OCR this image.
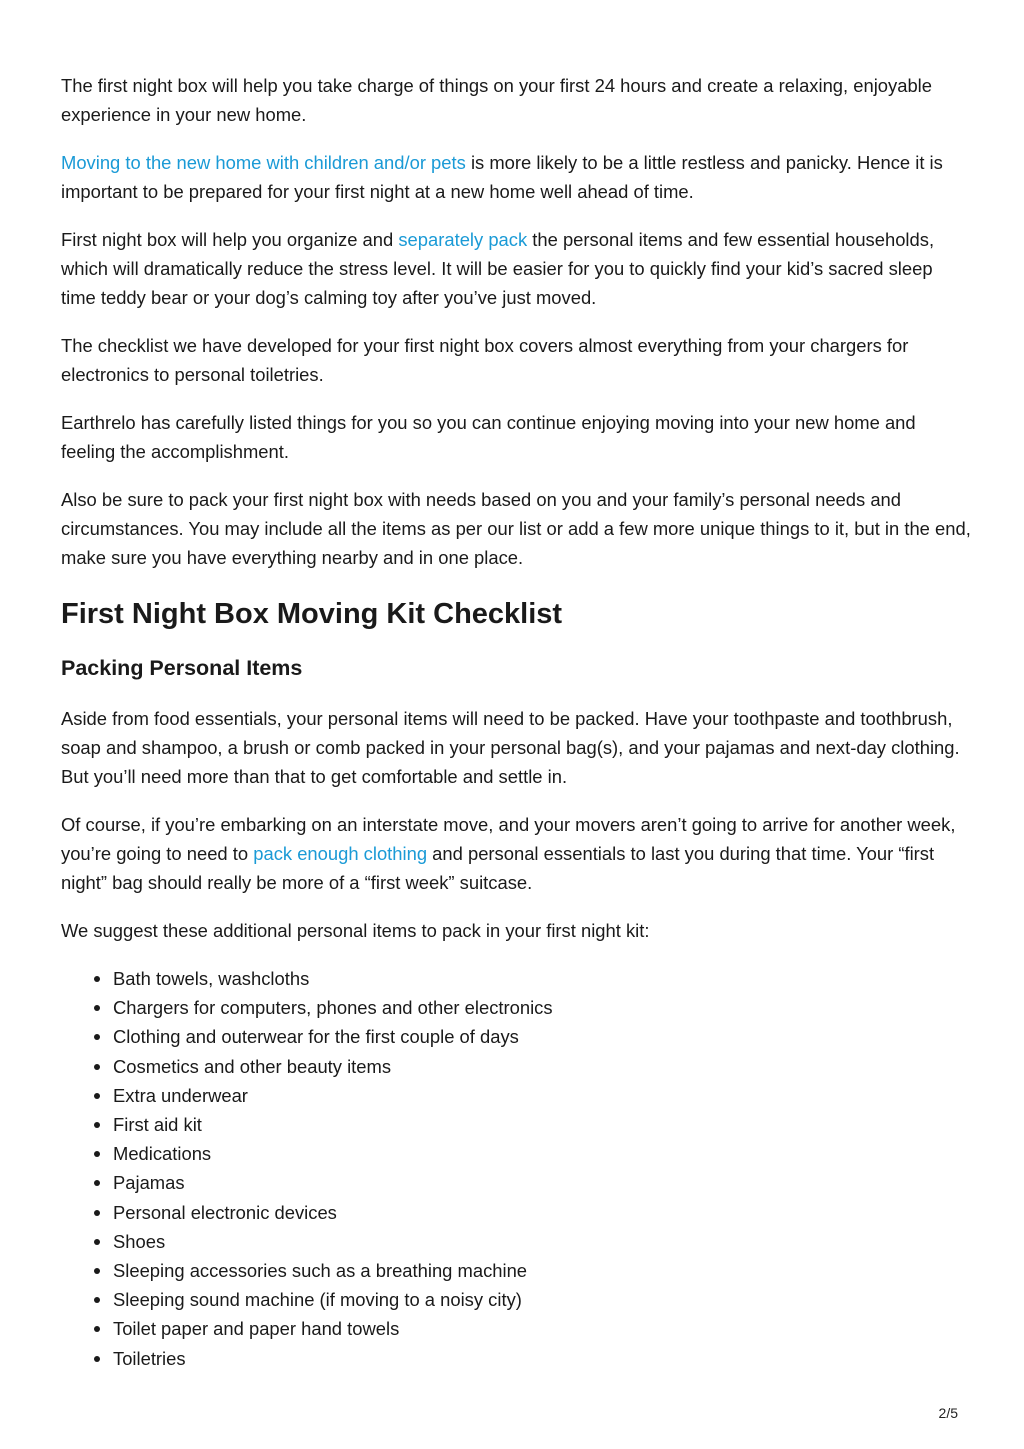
The first night box will help you take charge of things on your first 24 hours and create a relaxing, enjoyable experience in your new home.

Moving to the new home with children and/or pets is more likely to be a little restless and panicky. Hence it is important to be prepared for your first night at a new home well ahead of time.

First night box will help you organize and separately pack the personal items and few essential households, which will dramatically reduce the stress level. It will be easier for you to quickly find your kid’s sacred sleep time teddy bear or your dog’s calming toy after you’ve just moved.

The checklist we have developed for your first night box covers almost everything from your chargers for electronics to personal toiletries.

Earthrelo has carefully listed things for you so you can continue enjoying moving into your new home and feeling the accomplishment.

Also be sure to pack your first night box with needs based on you and your family’s personal needs and circumstances. You may include all the items as per our list or add a few more unique things to it, but in the end, make sure you have everything nearby and in one place.

First Night Box Moving Kit Checklist
Packing Personal Items

Aside from food essentials, your personal items will need to be packed. Have your toothpaste and toothbrush, soap and shampoo, a brush or comb packed in your personal bag(s), and your pajamas and next-day clothing. But you’ll need more than that to get comfortable and settle in.

Of course, if you’re embarking on an interstate move, and your movers aren’t going to arrive for another week, you’re going to need to pack enough clothing and personal essentials to last you during that time. Your “first night” bag should really be more of a “first week” suitcase.

We suggest these additional personal items to pack in your first night kit:

Bath towels, washcloths
Chargers for computers, phones and other electronics
Clothing and outerwear for the first couple of days
Cosmetics and other beauty items
Extra underwear
First aid kit
Medications
Pajamas
Personal electronic devices
Shoes
Sleeping accessories such as a breathing machine
Sleeping sound machine (if moving to a noisy city)
Toilet paper and paper hand towels
Toiletries
2/5
